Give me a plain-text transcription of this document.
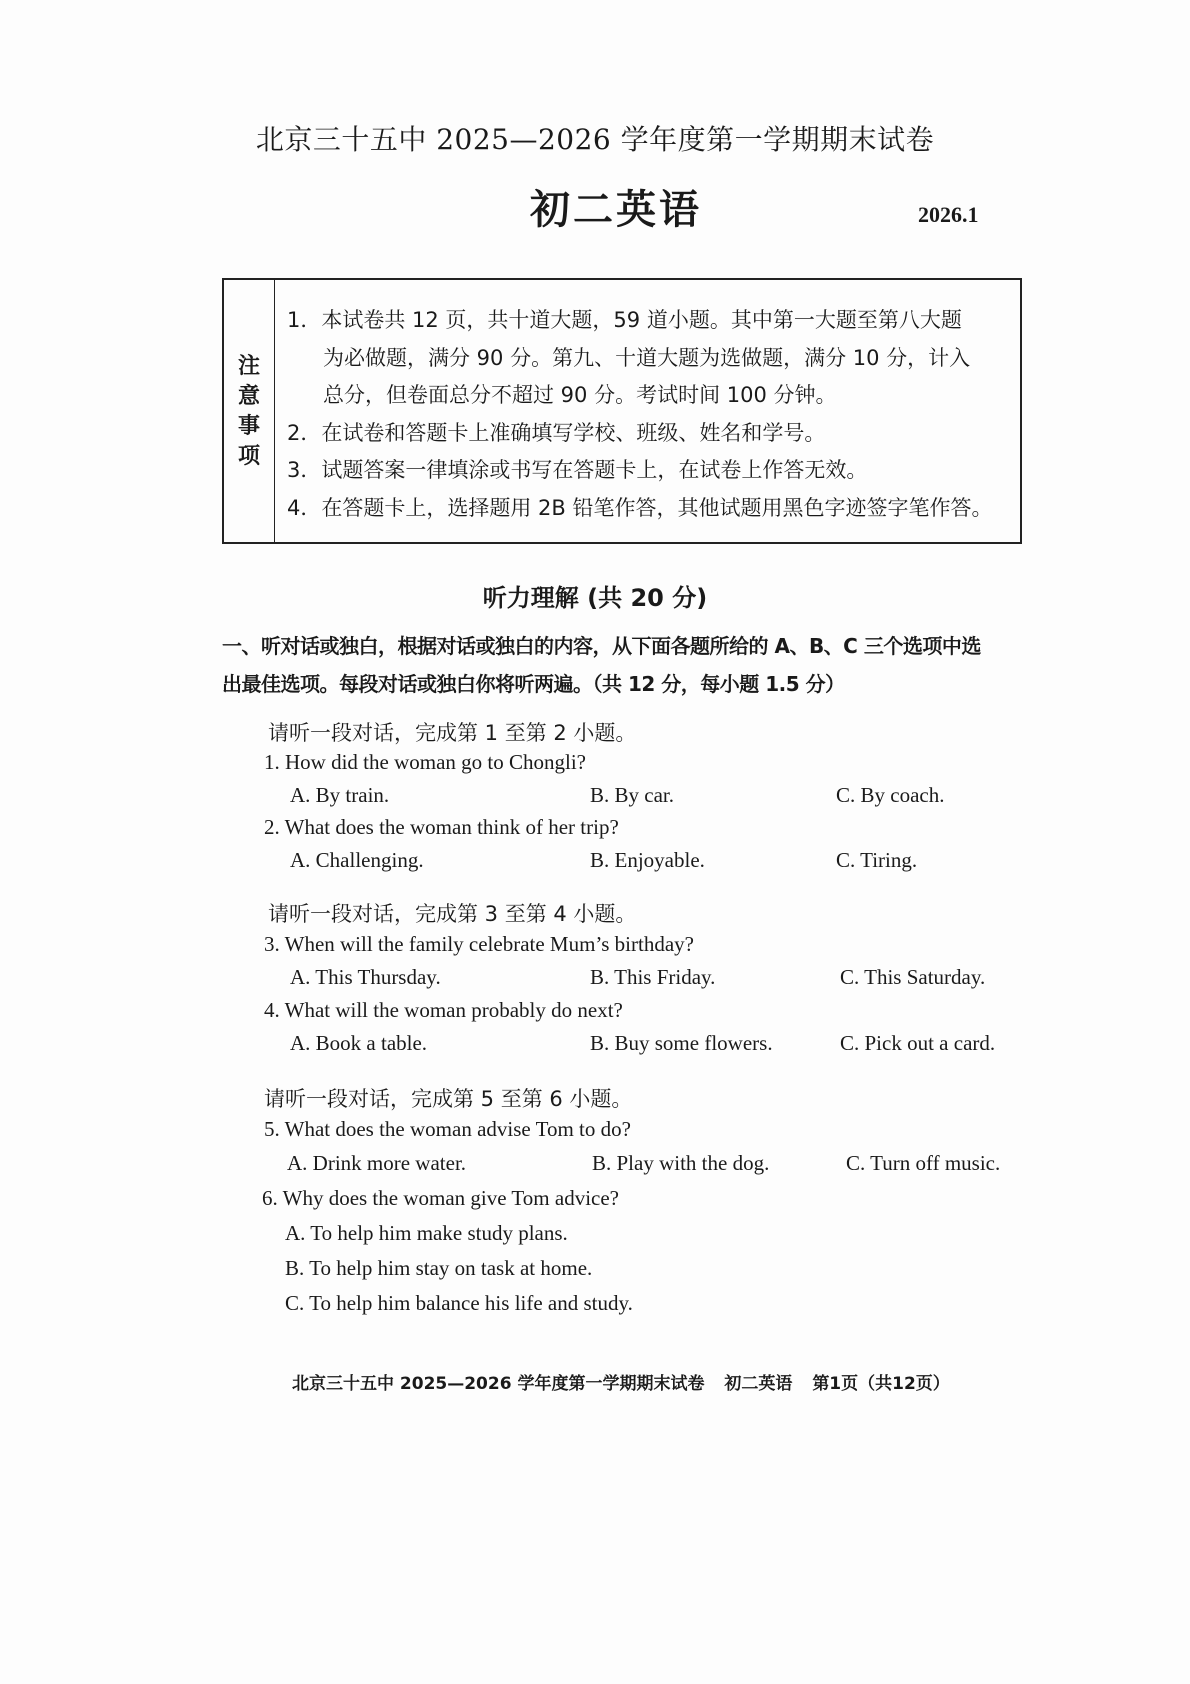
北京三十五中 2025—2026 学年度第一学期期末试卷
初二英语	2026.1
注
意
事
项
1．本试卷共 12 页，共十道大题，59 道小题。其中第一大题至第八大题
为必做题，满分 90 分。第九、十道大题为选做题，满分 10 分，计入
总分，但卷面总分不超过 90 分。考试时间 100 分钟。
2．在试卷和答题卡上准确填写学校、班级、姓名和学号。
3．试题答案一律填涂或书写在答题卡上，在试卷上作答无效。
4．在答题卡上，选择题用 2B 铅笔作答，其他试题用黑色字迹签字笔作答。
听力理解 (共 20 分)
一、听对话或独白，根据对话或独白的内容，从下面各题所给的 A、B、C 三个选项中选
出最佳选项。每段对话或独白你将听两遍。（共 12 分，每小题 1.5 分）
请听一段对话，完成第 1 至第 2 小题。
1. How did the woman go to Chongli?
A. By train.	B. By car.	C. By coach.
2. What does the woman think of her trip?
A. Challenging.	B. Enjoyable.	C. Tiring.
请听一段对话，完成第 3 至第 4 小题。
3. When will the family celebrate Mum’s birthday?
A. This Thursday.	B. This Friday.	C. This Saturday.
4. What will the woman probably do next?
A. Book a table.	B. Buy some flowers.	C. Pick out a card.
请听一段对话，完成第 5 至第 6 小题。
5. What does the woman advise Tom to do?
A. Drink more water.	B. Play with the dog.	C. Turn off music.
6. Why does the woman give Tom advice?
A. To help him make study plans.
B. To help him stay on task at home.
C. To help him balance his life and study.
北京三十五中 2025—2026 学年度第一学期期末试卷 初二英语 第1页（共12页）
